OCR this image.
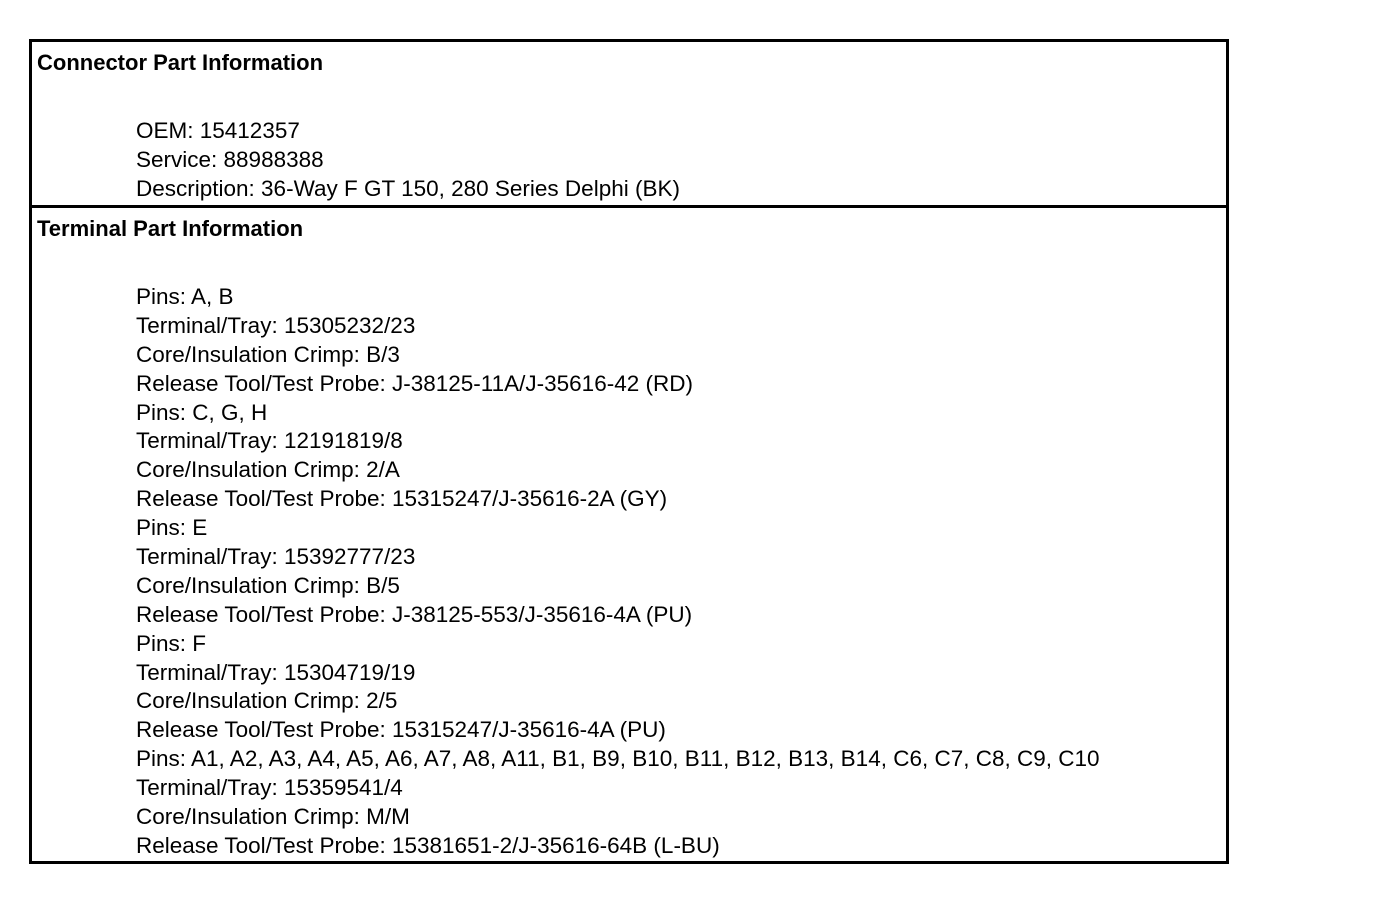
Connector Part Information
OEM: 15412357
Service: 88988388
Description: 36-Way F GT 150, 280 Series Delphi (BK)
Terminal Part Information
Pins: A, B
Terminal/Tray: 15305232/23
Core/Insulation Crimp: B/3
Release Tool/Test Probe: J-38125-11A/J-35616-42 (RD)
Pins: C, G, H
Terminal/Tray: 12191819/8
Core/Insulation Crimp: 2/A
Release Tool/Test Probe: 15315247/J-35616-2A (GY)
Pins: E
Terminal/Tray: 15392777/23
Core/Insulation Crimp: B/5
Release Tool/Test Probe: J-38125-553/J-35616-4A (PU)
Pins: F
Terminal/Tray: 15304719/19
Core/Insulation Crimp: 2/5
Release Tool/Test Probe: 15315247/J-35616-4A (PU)
Pins: A1, A2, A3, A4, A5, A6, A7, A8, A11, B1, B9, B10, B11, B12, B13, B14, C6, C7, C8, C9, C10
Terminal/Tray: 15359541/4
Core/Insulation Crimp: M/M
Release Tool/Test Probe: 15381651-2/J-35616-64B (L-BU)
